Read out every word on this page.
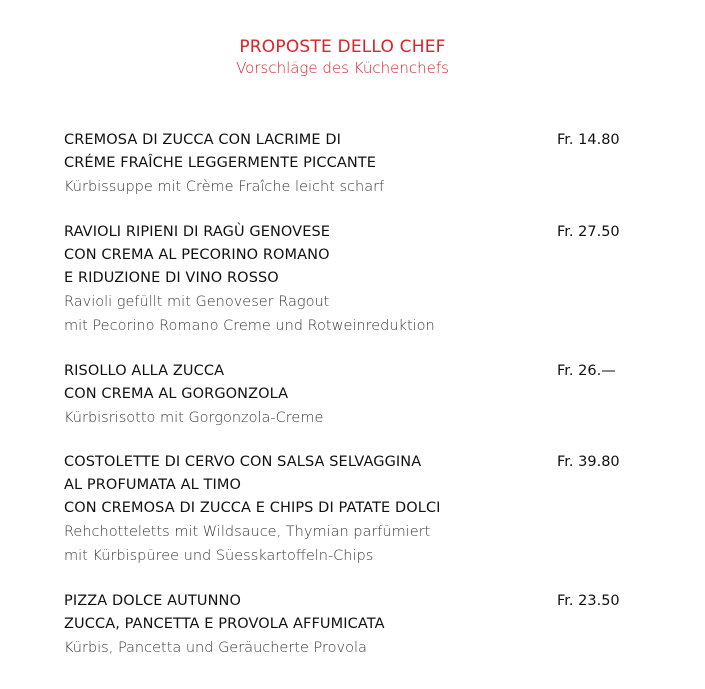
PROPOSTE DELLO CHEF
Vorschläge des Küchenchefs
CREMOSA DI ZUCCA CON LACRIME DI
CRÉME FRAÎCHE LEGGERMENTE PICCANTE
Kürbissuppe mit Crème Fraîche leicht scharf
Fr. 14.80
RAVIOLI RIPIENI DI RAGÙ GENOVESE
CON CREMA AL PECORINO ROMANO
E RIDUZIONE DI VINO ROSSO
Ravioli gefüllt mit Genoveser Ragout
mit Pecorino Romano Creme und Rotweinreduktion
Fr. 27.50
RISOLLO ALLA ZUCCA
CON CREMA AL GORGONZOLA
Kürbisrisotto mit Gorgonzola-Creme
Fr. 26.—
COSTOLETTE DI CERVO CON SALSA SELVAGGINA
AL PROFUMATA AL TIMO
CON CREMOSA DI ZUCCA E CHIPS DI PATATE DOLCI
Rehchotteletts mit Wildsauce, Thymian parfümiert
mit Kürbispüree und Süesskartoffeln-Chips
Fr. 39.80
PIZZA DOLCE AUTUNNO
ZUCCA, PANCETTA E PROVOLA AFFUMICATA
Kürbis, Pancetta und Geräucherte Provola
Fr. 23.50
